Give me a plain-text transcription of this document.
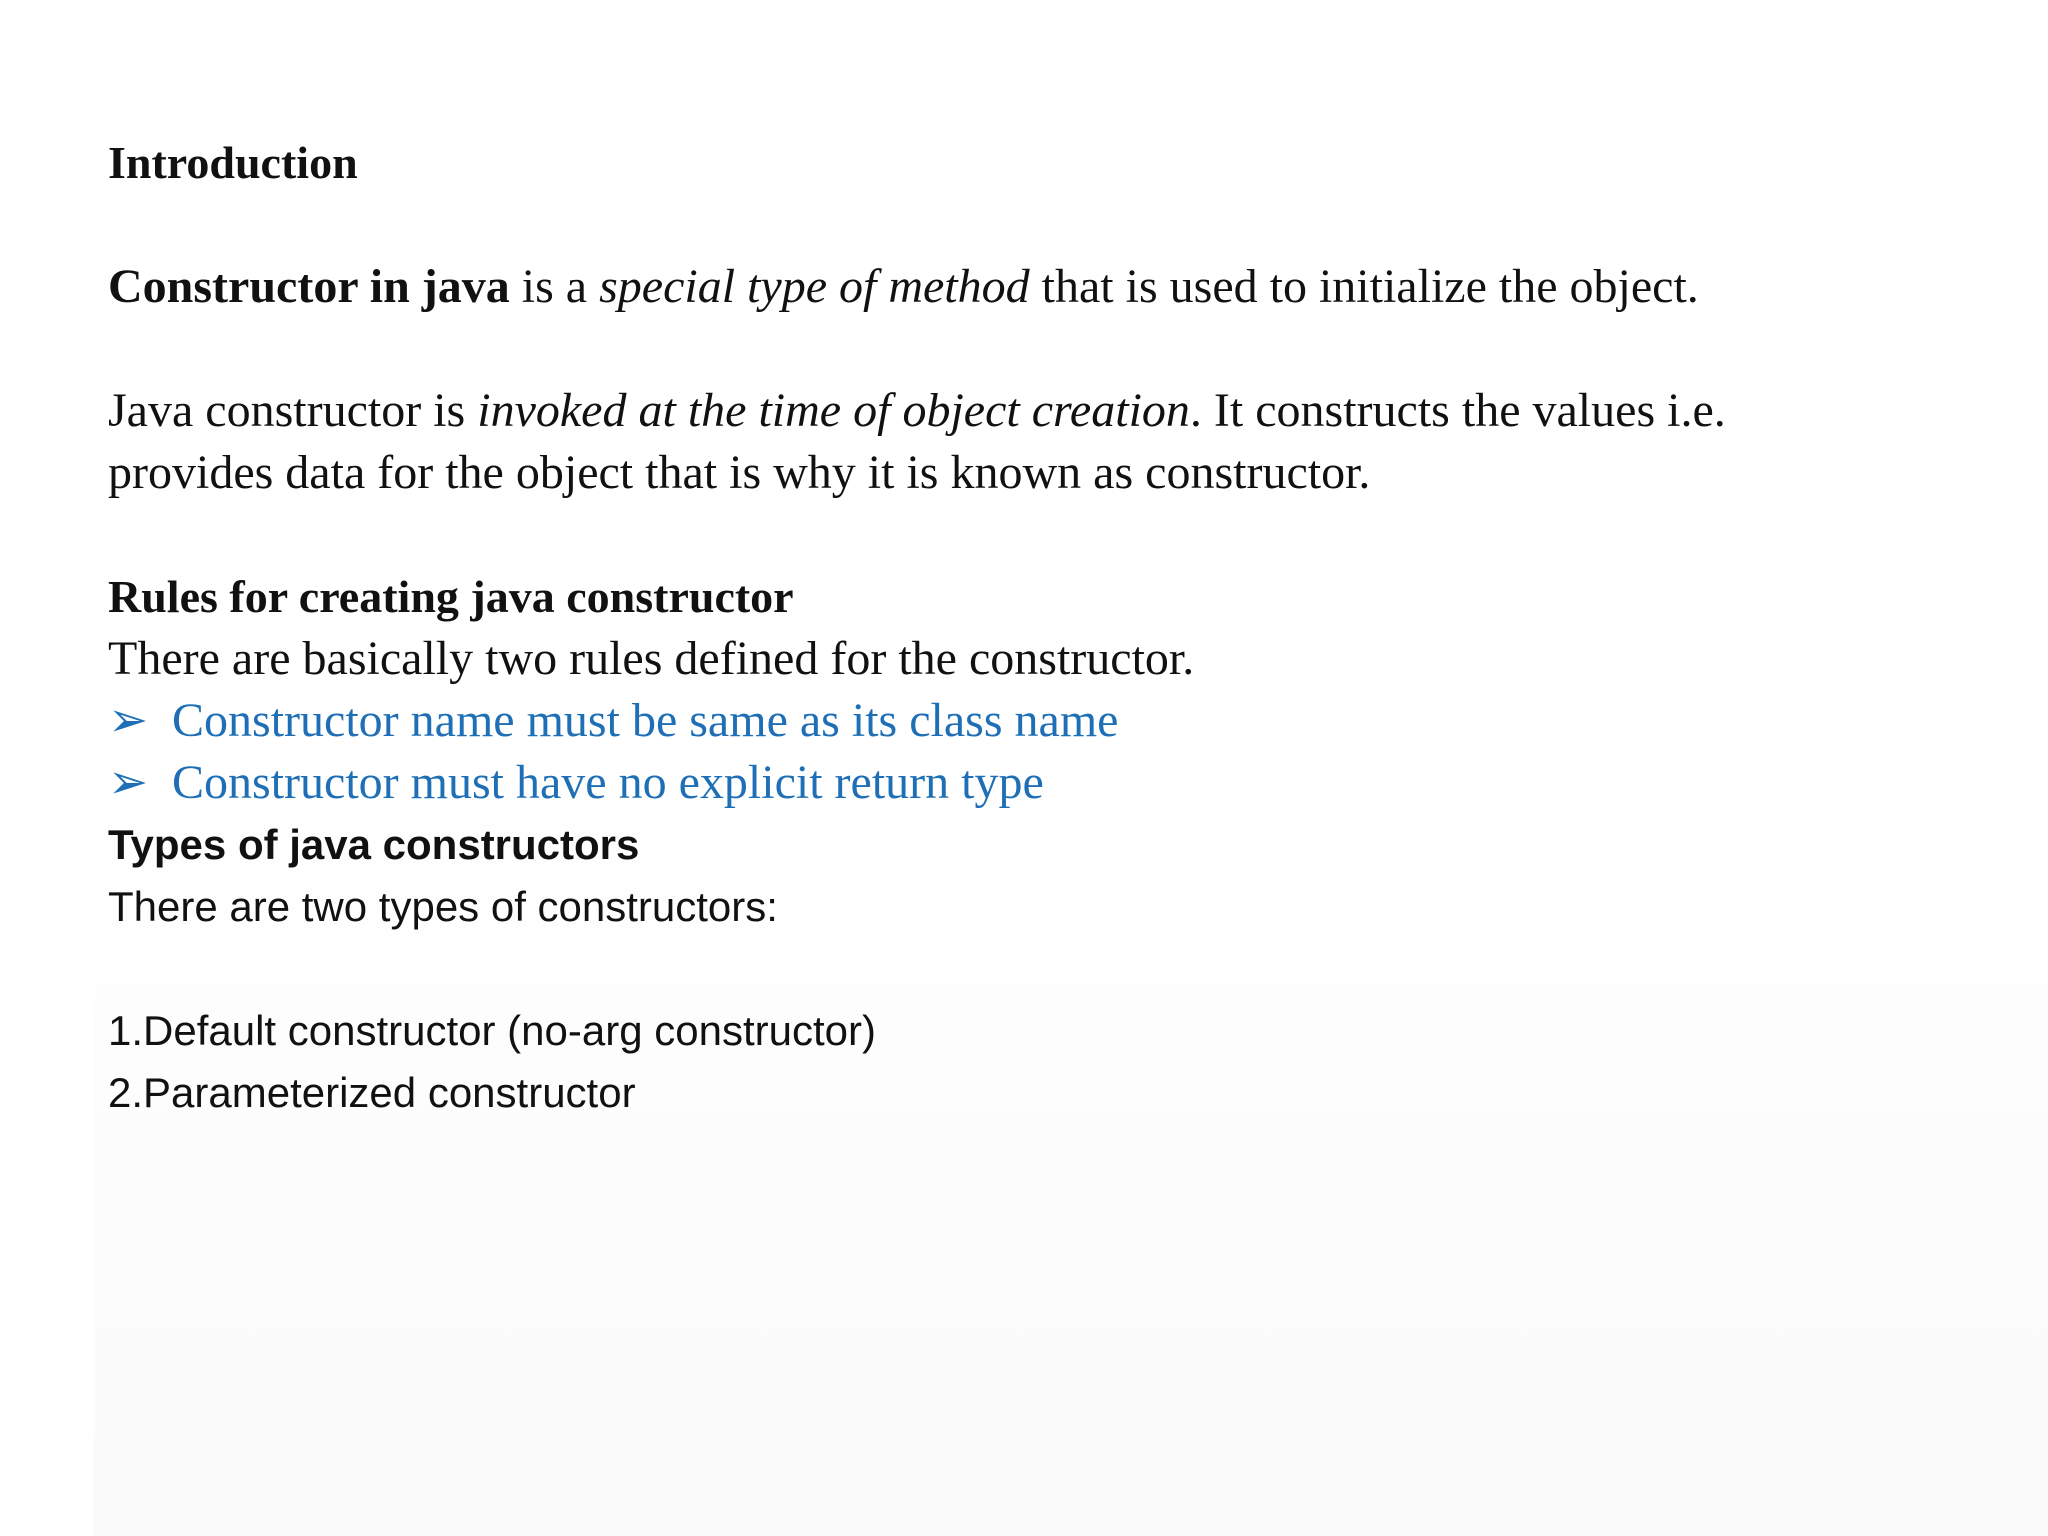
Introduction

Constructor in java is a special type of method that is used to initialize the object.

Java constructor is invoked at the time of object creation. It constructs the values i.e.

provides data for the object that is why it is known as constructor.

Rules for creating java constructor

There are basically two rules defined for the constructor.

➢ Constructor name must be same as its class name

➢ Constructor must have no explicit return type

Types of java constructors

There are two types of constructors:

1.Default constructor (no-arg constructor)

2.Parameterized constructor
